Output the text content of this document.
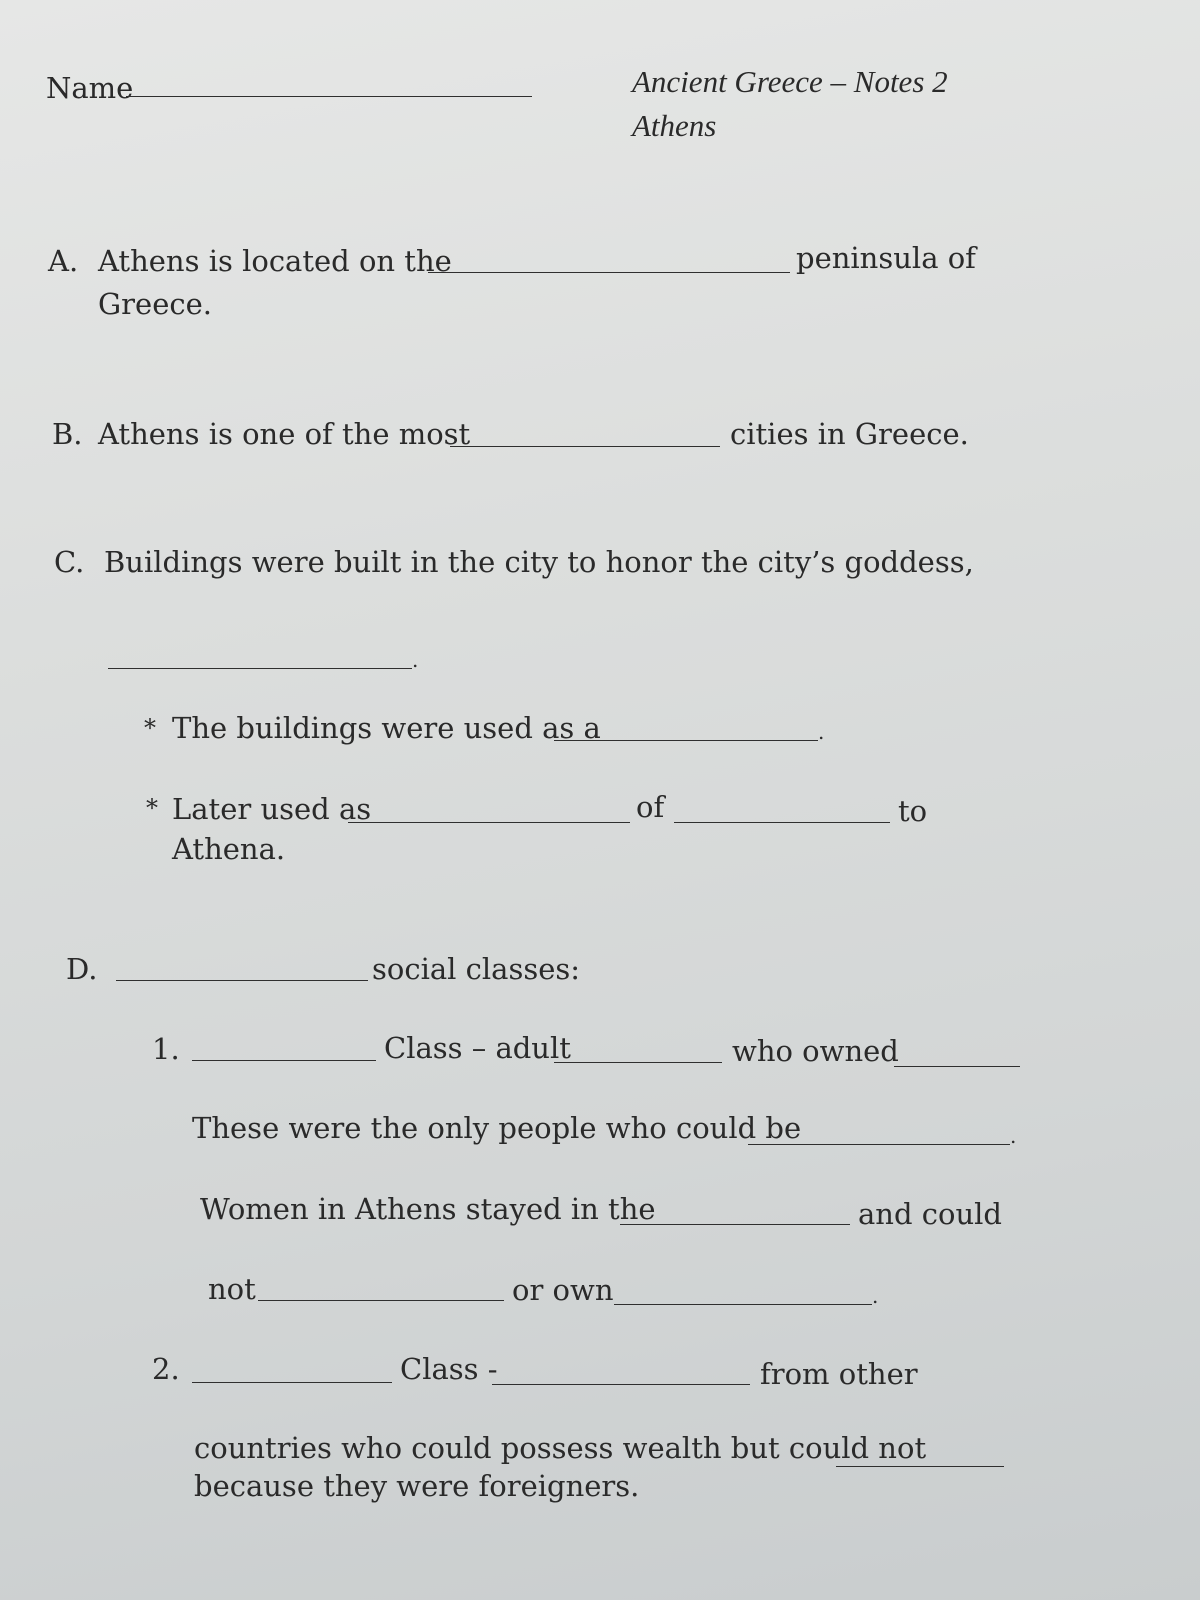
Name	Ancient Greece – Notes 2
Athens
A. Athens is located on the	peninsula of
Greece.
B. Athens is one of the most	cities in Greece.
C. Buildings were built in the city to honor the city’s goddess,
.
* The buildings were used as a	.
* Later used as	of	to
Athena.
D.	social classes:
1.	Class – adult	who owned
These were the only people who could be	.
Women in Athens stayed in the	and could
not	or own	.
2.	Class -	from other
countries who could possess wealth but could not
because they were foreigners.
